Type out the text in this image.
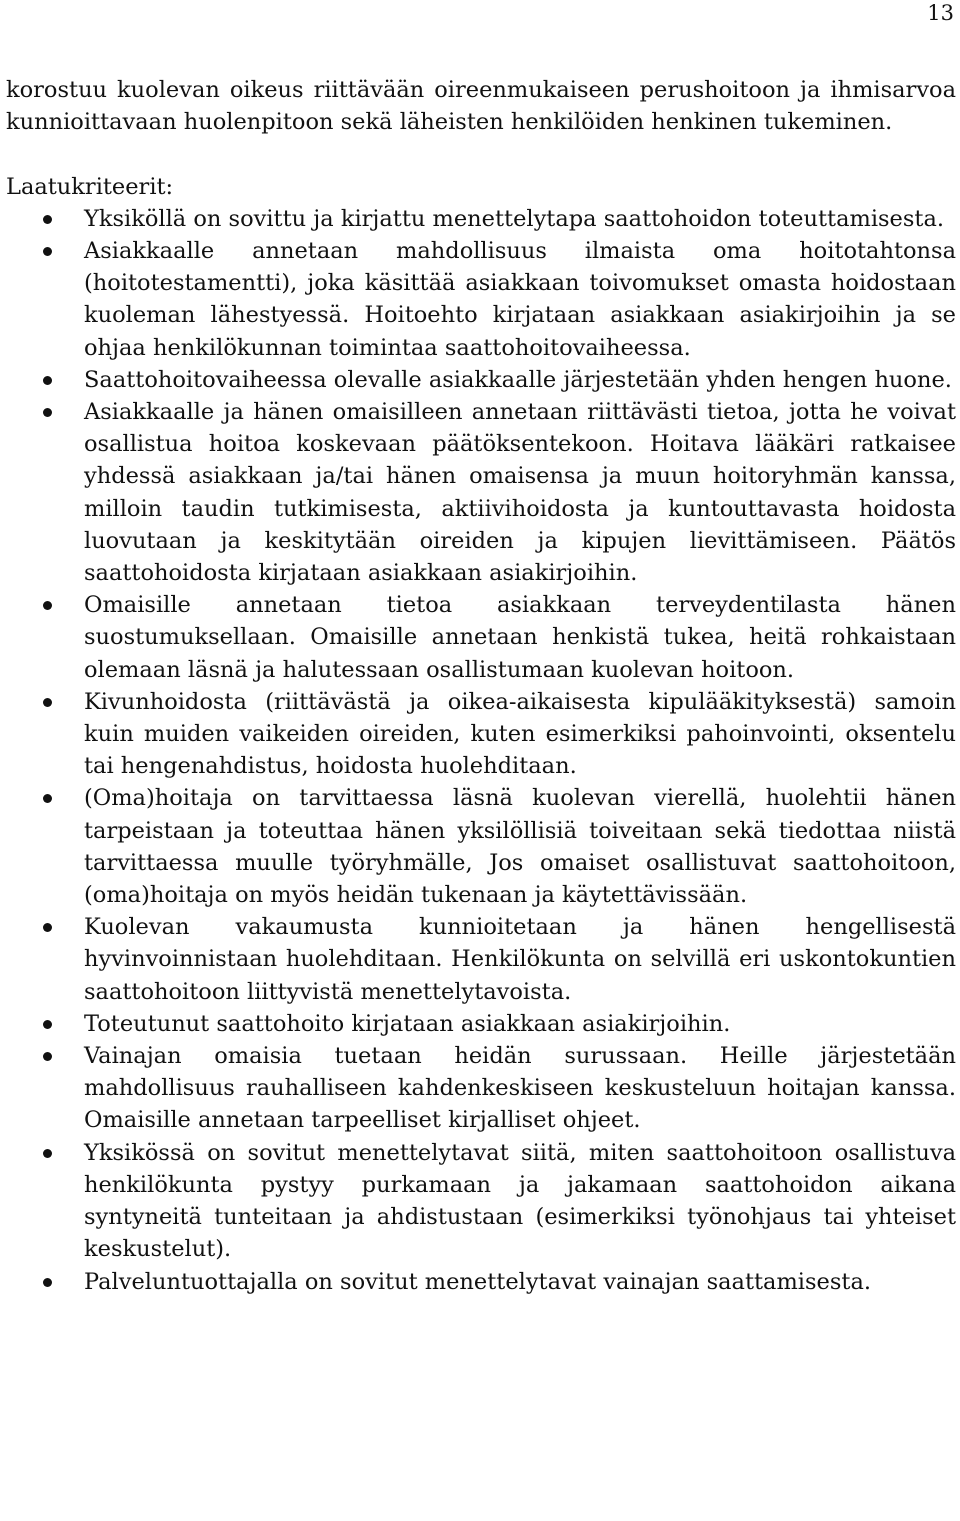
13

korostuu kuolevan oikeus riittävään oireenmukaiseen perushoitoon ja ihmisarvoa kunnioittavaan huolenpitoon sekä läheisten henkilöiden henkinen tukeminen.

Laatukriteerit:

Yksiköllä on sovittu ja kirjattu menettelytapa saattohoidon toteuttamisesta.
Asiakkaalle annetaan mahdollisuus ilmaista oma hoitotahtonsa (hoitotestamentti), joka käsittää asiakkaan toivomukset omasta hoidostaan kuoleman lähestyessä. Hoitoehto kirjataan asiakkaan asiakirjoihin ja se ohjaa henkilökunnan toimintaa saattohoitovaiheessa.
Saattohoitovaiheessa olevalle asiakkaalle järjestetään yhden hengen huone.
Asiakkaalle ja hänen omaisilleen annetaan riittävästi tietoa, jotta he voivat osallistua hoitoa koskevaan päätöksentekoon. Hoitava lääkäri ratkaisee yhdessä asiakkaan ja/tai hänen omaisensa ja muun hoitoryhmän kanssa, milloin taudin tutkimisesta, aktiivihoidosta ja kuntouttavasta hoidosta luovutaan ja keskitytään oireiden ja kipujen lievittämiseen. Päätös saattohoidosta kirjataan asiakkaan asiakirjoihin.
Omaisille annetaan tietoa asiakkaan terveydentilasta hänen suostumuksellaan. Omaisille annetaan henkistä tukea, heitä rohkaistaan olemaan läsnä ja halutessaan osallistumaan kuolevan hoitoon.
Kivunhoidosta (riittävästä ja oikea-aikaisesta kipulääkityksestä) samoin kuin muiden vaikeiden oireiden, kuten esimerkiksi pahoinvointi, oksentelu tai hengenahdistus, hoidosta huolehditaan.
(Oma)hoitaja on tarvittaessa läsnä kuolevan vierellä, huolehtii hänen tarpeistaan ja toteuttaa hänen yksilöllisiä toiveitaan sekä tiedottaa niistä tarvittaessa muulle työryhmälle, Jos omaiset osallistuvat saattohoitoon, (oma)hoitaja on myös heidän tukenaan ja käytettävissään.
Kuolevan vakaumusta kunnioitetaan ja hänen hengellisestä hyvinvoinnistaan huolehditaan. Henkilökunta on selvillä eri uskontokuntien saattohoitoon liittyvistä menettelytavoista.
Toteutunut saattohoito kirjataan asiakkaan asiakirjoihin.
Vainajan omaisia tuetaan heidän surussaan. Heille järjestetään mahdollisuus rauhalliseen kahdenkeskiseen keskusteluun hoitajan kanssa. Omaisille annetaan tarpeelliset kirjalliset ohjeet.
Yksikössä on sovitut menettelytavat siitä, miten saattohoitoon osallistuva henkilökunta pystyy purkamaan ja jakamaan saattohoidon aikana syntyneitä tunteitaan ja ahdistustaan (esimerkiksi työnohjaus tai yhteiset keskustelut).
Palveluntuottajalla on sovitut menettelytavat vainajan saattamisesta.
